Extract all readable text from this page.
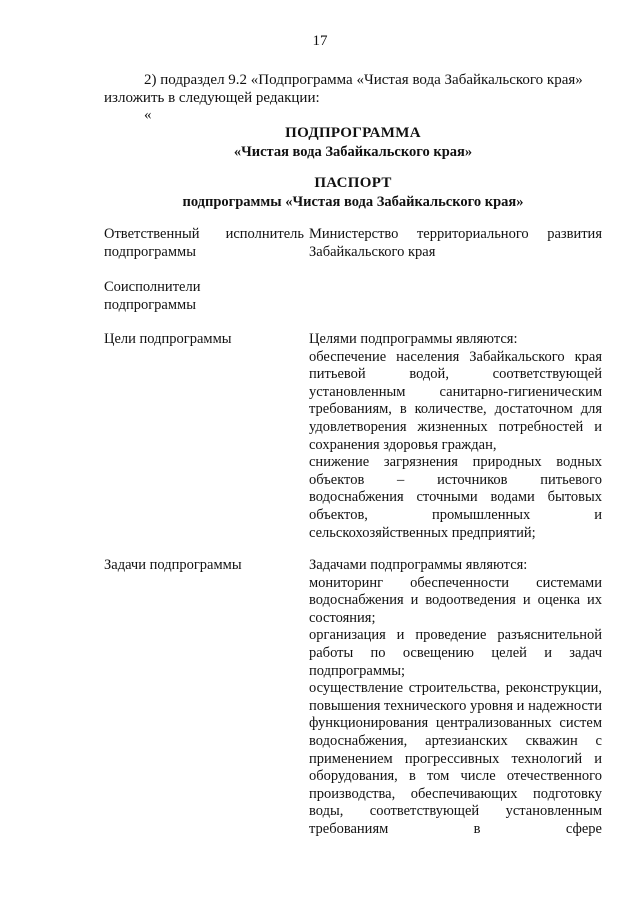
17

2) подраздел 9.2 «Подпрограмма «Чистая вода Забайкальского края»

изложить в следующей редакции:

«
ПОДПРОГРАММА
«Чистая вода Забайкальского края»
ПАСПОРТ
подпрограммы «Чистая вода Забайкальского края»

Ответственный исполнитель

подпрограммы

Министерство территориального развития

Забайкальского края

Соисполнители

подпрограммы

Цели подпрограммы	Целями подпрограммы являются:

обеспечение населения Забайкальского края питьевой водой, соответствующей установленным санитарно-гигиеническим требованиям, в количестве, достаточном для удовлетворения жизненных потребностей и сохранения здоровья граждан,

снижение загрязнения природных водных объектов – источников питьевого водоснабжения сточными водами бытовых объектов, промышленных и сельскохозяйственных предприятий;

Задачи подпрограммы	Задачами подпрограммы являются:

мониторинг обеспеченности системами водоснабжения и водоотведения и оценка их состояния;

организация и проведение разъяснительной работы по освещению целей и задач подпрограммы;

осуществление строительства, реконструкции, повышения технического уровня и надежности функционирования централизованных систем водоснабжения, артезианских скважин с применением прогрессивных технологий и оборудования, в том числе отечественного производства, обеспечивающих подготовку воды, соответствующей установленным требованиям в сфере
